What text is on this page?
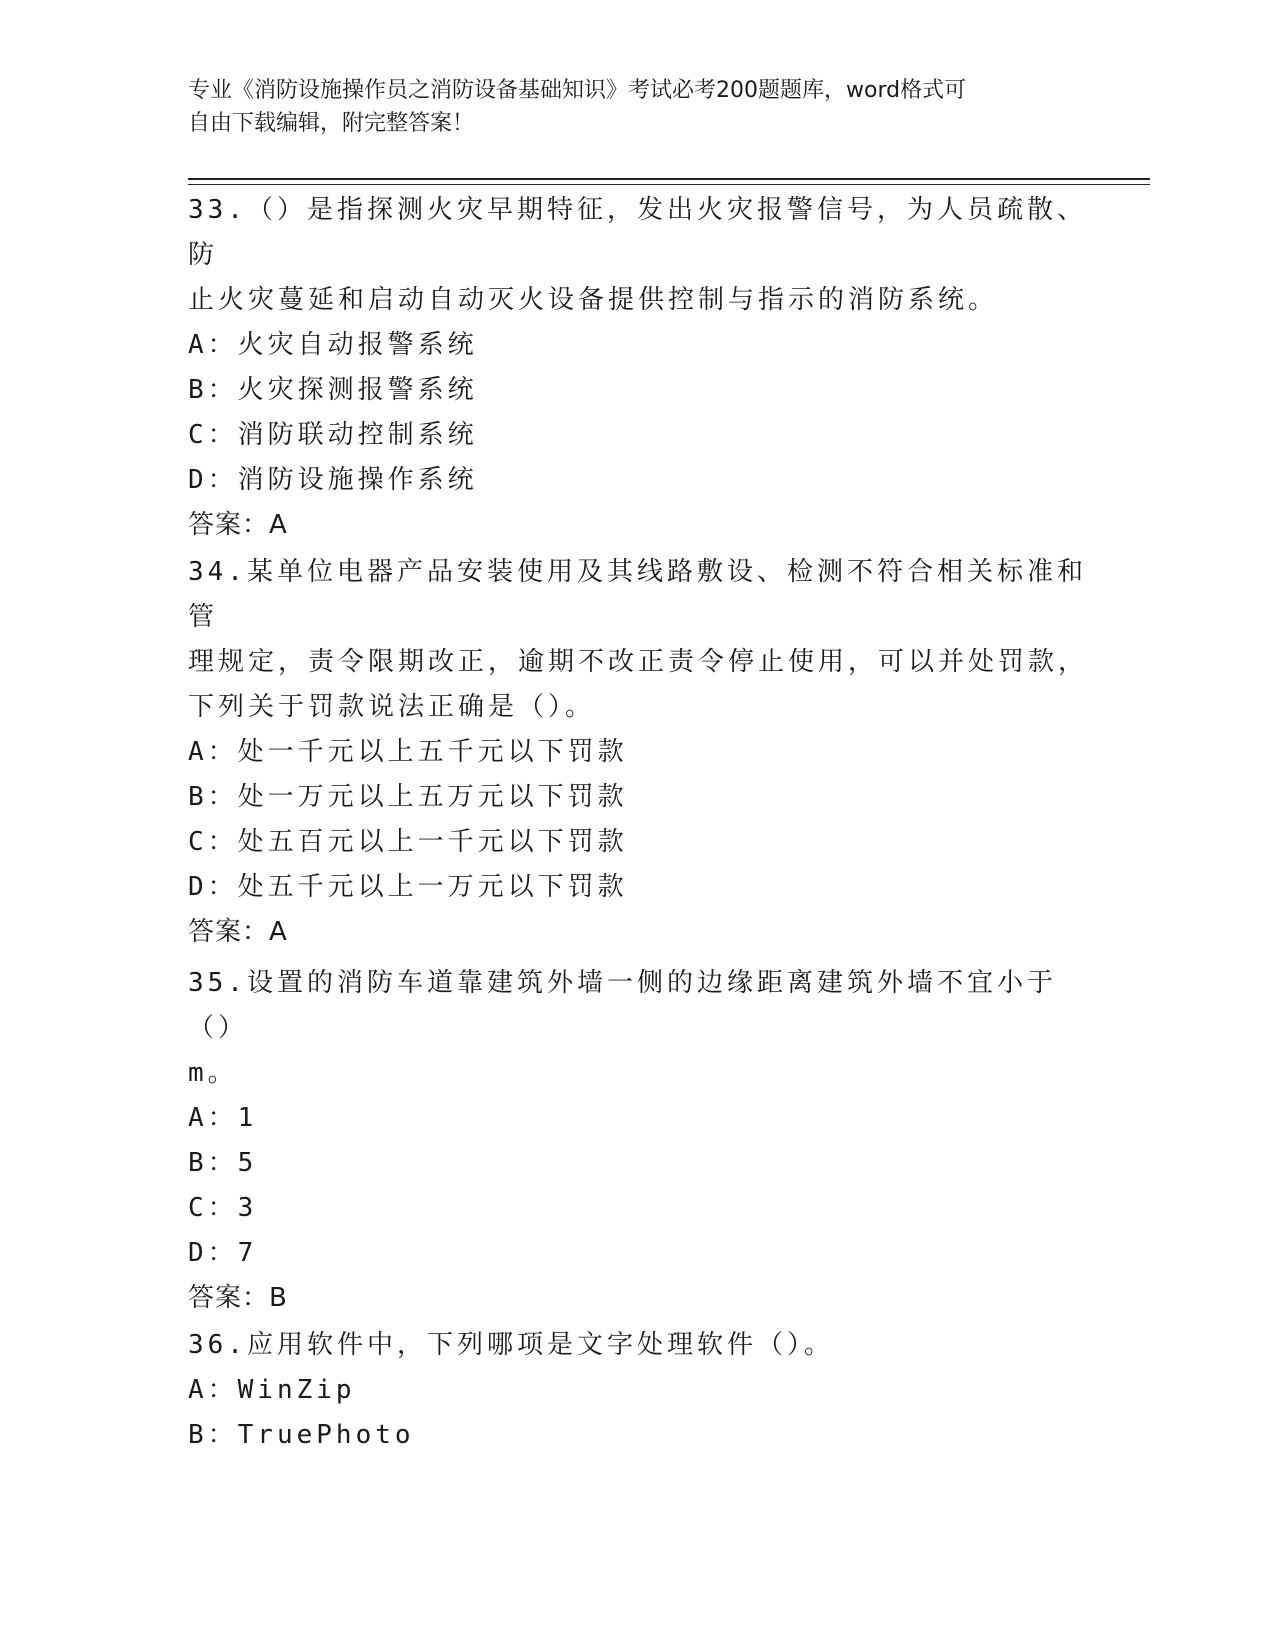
专业《消防设施操作员之消防设备基础知识》考试必考200题题库，word格式可
自由下载编辑，附完整答案！
33.（）是指探测火灾早期特征，发出火灾报警信号，为人员疏散、防
止火灾蔓延和启动自动灭火设备提供控制与指示的消防系统。
A：火灾自动报警系统
B：火灾探测报警系统
C：消防联动控制系统
D：消防设施操作系统
答案：A
34.某单位电器产品安装使用及其线路敷设、检测不符合相关标准和管
理规定，责令限期改正，逾期不改正责令停止使用，可以并处罚款，
下列关于罚款说法正确是（）。
A：处一千元以上五千元以下罚款
B：处一万元以上五万元以下罚款
C：处五百元以上一千元以下罚款
D：处五千元以上一万元以下罚款
答案：A
35.设置的消防车道靠建筑外墙一侧的边缘距离建筑外墙不宜小于（）
m。
A：1
B：5
C：3
D：7
答案：B
36.应用软件中，下列哪项是文字处理软件（）。
A：WinZip
B：TruePhoto
